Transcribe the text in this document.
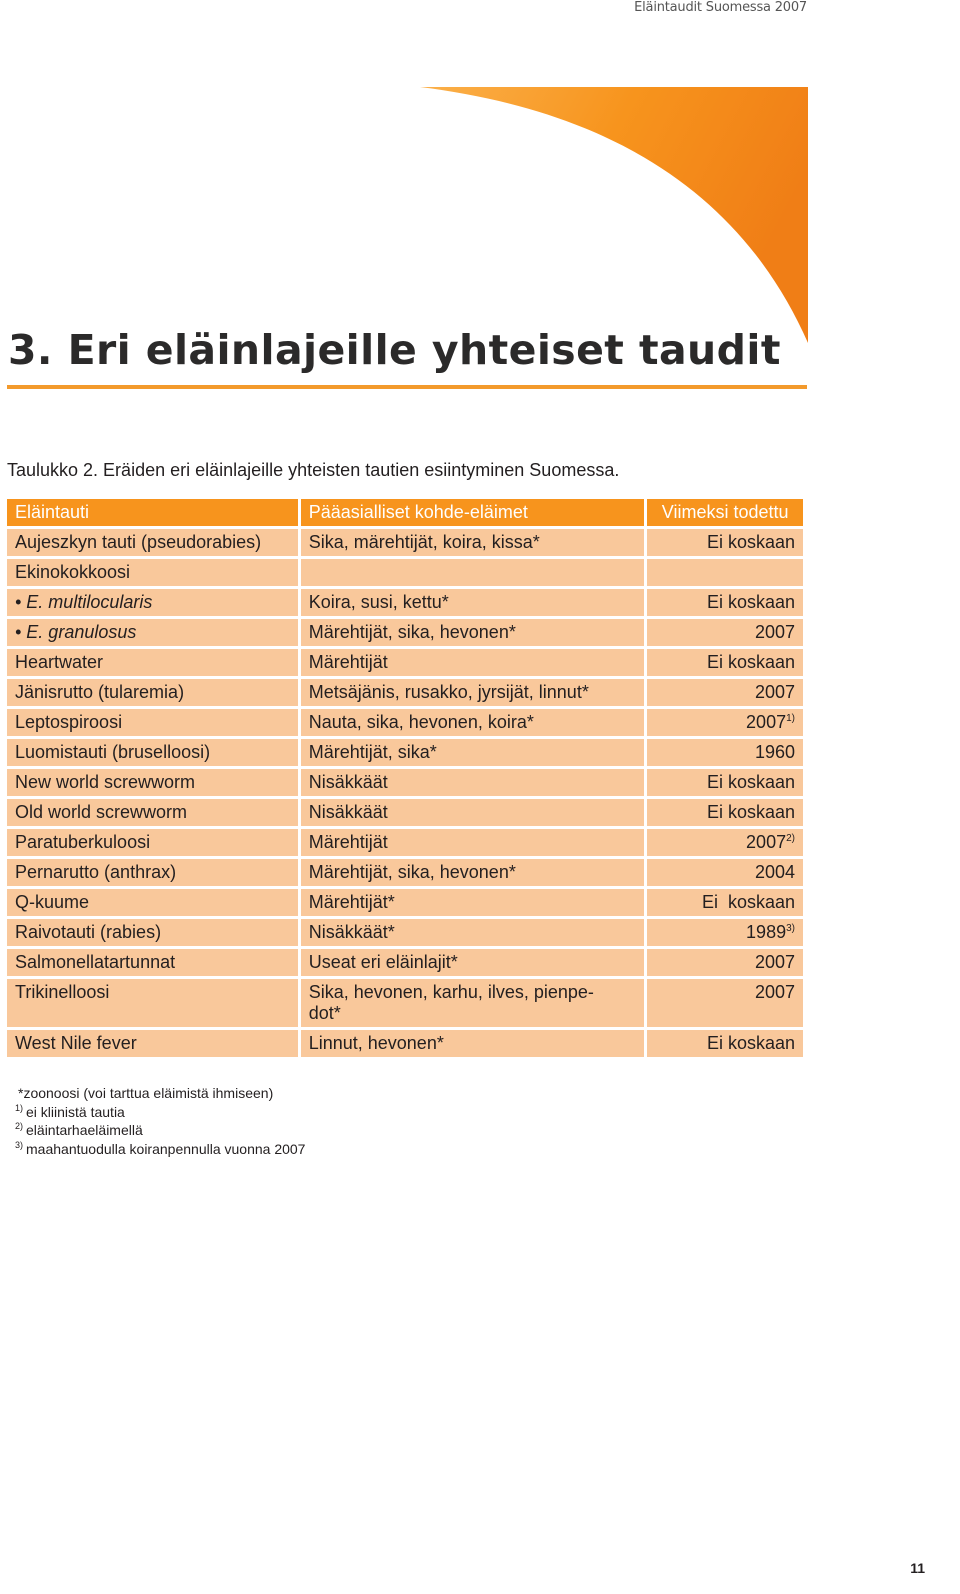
Eläintaudit Suomessa 2007
3. Eri eläinlajeille yhteiset taudit

Taulukko 2. Eräiden eri eläinlajeille yhteisten tautien esiintyminen Suomessa.

Eläintauti	Pääasialliset kohde-eläimet	Viimeksi todettu
Aujeszkyn tauti (pseudorabies)	Sika, märehtijät, koira, kissa*	Ei koskaan
Ekinokokkoosi		
• E. multilocularis	Koira, susi, kettu*	Ei koskaan
• E. granulosus	Märehtijät, sika, hevonen*	2007
Heartwater	Märehtijät	Ei koskaan
Jänisrutto (tularemia)	Metsäjänis, rusakko, jyrsijät, linnut*	2007
Leptospiroosi	Nauta, sika, hevonen, koira*	2007$^{1)}$
Luomistauti (bruselloosi)	Märehtijät, sika*	1960
New world screwworm	Nisäkkäät	Ei koskaan
Old world screwworm	Nisäkkäät	Ei koskaan
Paratuberkuloosi	Märehtijät	2007$^{2)}$
Pernarutto (anthrax)	Märehtijät, sika, hevonen*	2004
Q-kuume	Märehtijät*	Ei  koskaan
Raivotauti (rabies)	Nisäkkäät*	1989$^{3)}$
Salmonellatartunnat	Useat eri eläinlajit*	2007
Trikinelloosi	Sika, hevonen, karhu, ilves, pienpe-dot*	2007
West Nile fever	Linnut, hevonen*	Ei koskaan
*zoonoosi (voi tarttua eläimistä ihmiseen)
$^{1)}$ ei kliinistä tautia
$^{2)}$ eläintarhaeläimellä
$^{3)}$ maahantuodulla koiranpennulla vuonna 2007
11
